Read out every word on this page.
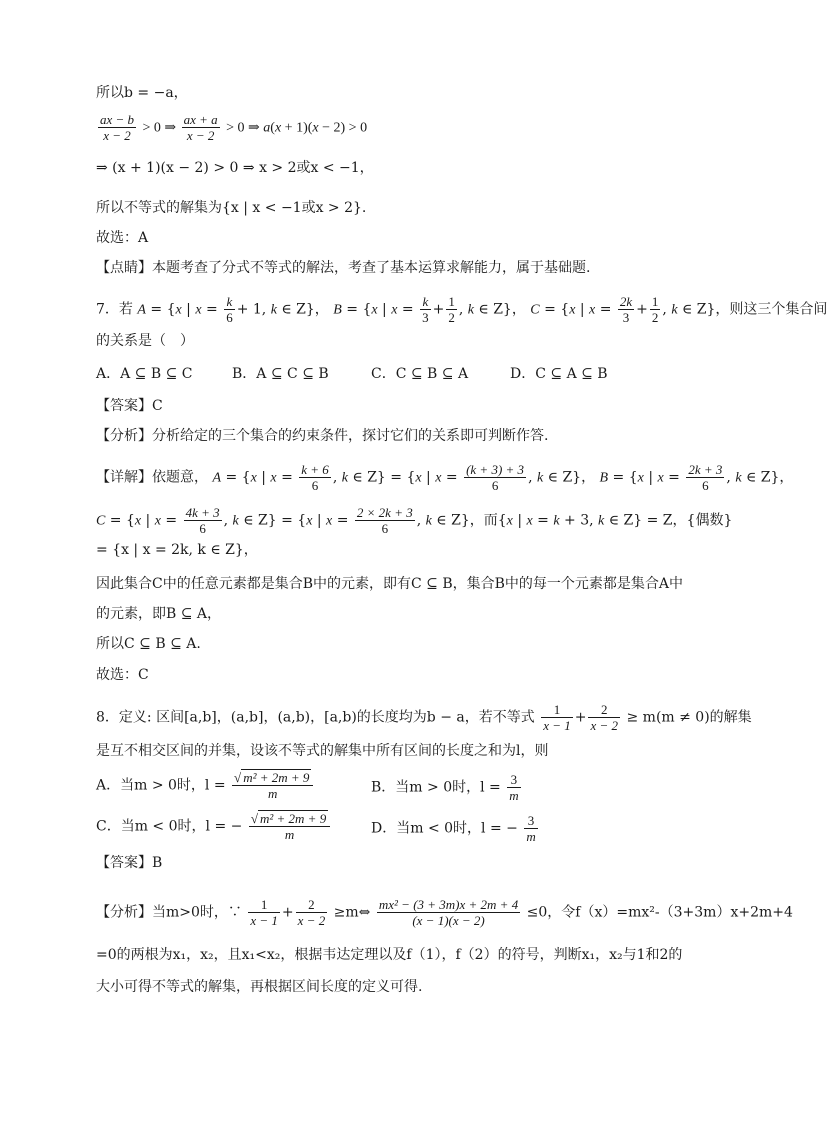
所以b = −a，
$\frac{ax - b}{x - 2} > 0$ ⇒ $\frac{ax + a}{x - 2} > 0$ ⇒ a(x + 1)(x − 2) > 0
⇒ (x + 1)(x − 2) > 0 ⇒ x > 2或x < −1，
所以不等式的解集为{x | x < −1或x > 2}.
故选：A
【点睛】本题考查了分式不等式的解法，考查了基本运算求解能力，属于基础题.
7．若 A = {x | $x = \frac{k}{6} + 1$, k ∈ Z}， B = {x | $x = \frac{k}{3} + \frac{1}{2}$ , k ∈ Z}， C = {x | $x = \frac{2k}{3} + \frac{1}{2}$ , k ∈ Z}，则这三个集合间
的关系是（　）
A．A ⊆ B ⊆ C	B．A ⊆ C ⊆ B	C．C ⊆ B ⊆ A	D．C ⊆ A ⊆ B
【答案】C
【分析】分析给定的三个集合的约束条件，探讨它们的关系即可判断作答.
【详解】依题意， A = {x | $x = \frac{k + 6}{6}$ , k ∈ Z} = {x | $x = \frac{(k + 3) + 3}{6}$ , k ∈ Z}， B = {x | $x = \frac{2k + 3}{6}$ , k ∈ Z}，
C = {x | $x = \frac{4k + 3}{6}$ , k ∈ Z} = {x | $x = \frac{2 \times 2k + 3}{6}$ , k ∈ Z}，而{x | x = k + 3, k ∈ Z} = Z，{偶数}
= {x | x = 2k, k ∈ Z}，
因此集合C中的任意元素都是集合B中的元素，即有C ⊆ B，集合B中的每一个元素都是集合A中
的元素，即B ⊆ A，
所以C ⊆ B ⊆ A.
故选：C
8．定义: 区间[a,b]，(a,b]，(a,b)，[a,b)的长度均为b − a，若不等式 $\frac{1}{x - 1} + \frac{2}{x - 2} \ge m(m \ne 0)$的解集
是互不相交区间的并集，设该不等式的解集中所有区间的长度之和为l，则
A．当m > 0时，$l = \frac{\text{√ m² + 2m + 9}}{m}$	B．当m > 0时，$l = \frac{3}{m}$
C．当m < 0时，l = − $\frac{\text{√ m² + 2m + 9}}{m}$	D．当m < 0时，l = − $\frac{3}{m}$
【答案】B
【分析】当m>0时，∵ $\frac{1}{x - 1} + \frac{2}{x - 2}$ ≥m⇔ $\frac{\text{mx² − (3 + 3m)x + 2m + 4}}{(x - 1)(x - 2)} \le 0$，令f（x）=mx²-（3+3m）x+2m+4
=0的两根为x₁，x₂，且x₁<x₂，根据韦达定理以及f（1），f（2）的符号，判断x₁，x₂与1和2的
大小可得不等式的解集，再根据区间长度的定义可得.
